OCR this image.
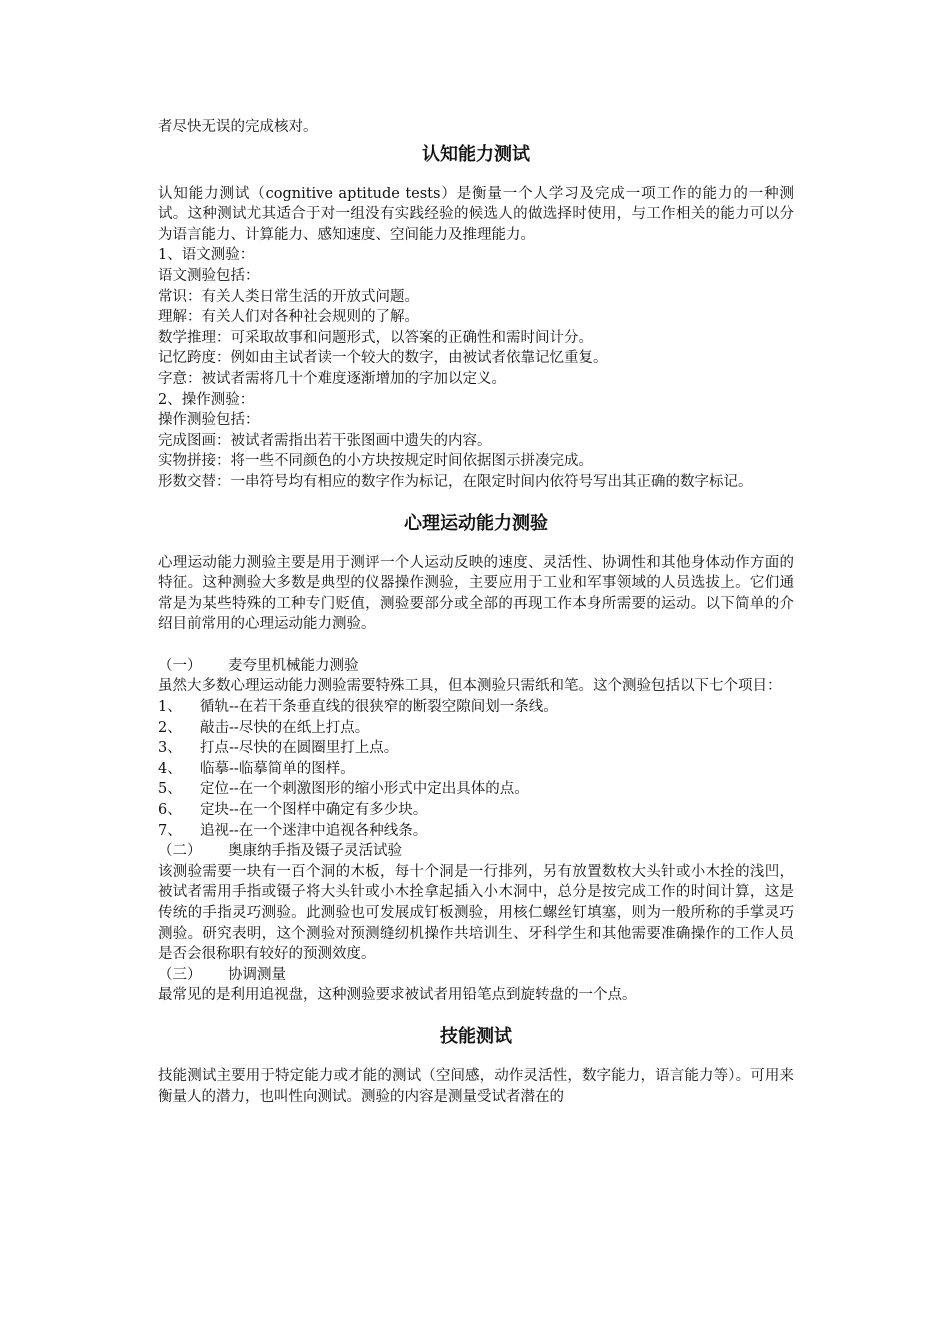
者尽快无误的完成核对。

认知能力测试

认知能力测试（cognitive aptitude tests）是衡量一个人学习及完成一项工作的能力的一种测试。这种测试尤其适合于对一组没有实践经验的候选人的做选择时使用，与工作相关的能力可以分为语言能力、计算能力、感知速度、空间能力及推理能力。

1、语文测验：

语文测验包括：

常识：有关人类日常生活的开放式问题。

理解：有关人们对各种社会规则的了解。

数学推理：可采取故事和问题形式，以答案的正确性和需时间计分。

记忆跨度：例如由主试者读一个较大的数字，由被试者依靠记忆重复。

字意：被试者需将几十个难度逐渐增加的字加以定义。

2、操作测验：

操作测验包括：

完成图画：被试者需指出若干张图画中遗失的内容。

实物拼接：将一些不同颜色的小方块按规定时间依据图示拼凑完成。

形数交替：一串符号均有相应的数字作为标记，在限定时间内依符号写出其正确的数字标记。

心理运动能力测验

心理运动能力测验主要是用于测评一个人运动反映的速度、灵活性、协调性和其他身体动作方面的特征。这种测验大多数是典型的仪器操作测验，主要应用于工业和军事领域的人员选拔上。它们通常是为某些特殊的工种专门贬值，测验要部分或全部的再现工作本身所需要的运动。以下简单的介绍目前常用的心理运动能力测验。

（一） 麦夸里机械能力测验

虽然大多数心理运动能力测验需要特殊工具，但本测验只需纸和笔。这个测验包括以下七个项目：

1、	循轨--在若干条垂直线的很狭窄的断裂空隙间划一条线。
2、	敲击--尽快的在纸上打点。
3、	打点--尽快的在圆圈里打上点。
4、	临摹--临摹简单的图样。
5、	定位--在一个刺激图形的缩小形式中定出具体的点。
6、	定块--在一个图样中确定有多少块。
7、	追视--在一个迷津中追视各种线条。

（二） 奥康纳手指及镊子灵活试验

该测验需要一块有一百个洞的木板，每十个洞是一行排列，另有放置数枚大头针或小木拴的浅凹，被试者需用手指或镊子将大头针或小木拴拿起插入小木洞中，总分是按完成工作的时间计算，这是传统的手指灵巧测验。此测验也可发展成钉板测验，用核仁螺丝钉填塞，则为一般所称的手掌灵巧测验。研究表明，这个测验对预测缝纫机操作共培训生、牙科学生和其他需要准确操作的工作人员是否会很称职有较好的预测效度。

（三） 协调测量

最常见的是利用追视盘，这种测验要求被试者用铅笔点到旋转盘的一个点。

技能测试

技能测试主要用于特定能力或才能的测试（空间感，动作灵活性，数字能力，语言能力等）。可用来衡量人的潜力，也叫性向测试。测验的内容是测量受试者潜在的
